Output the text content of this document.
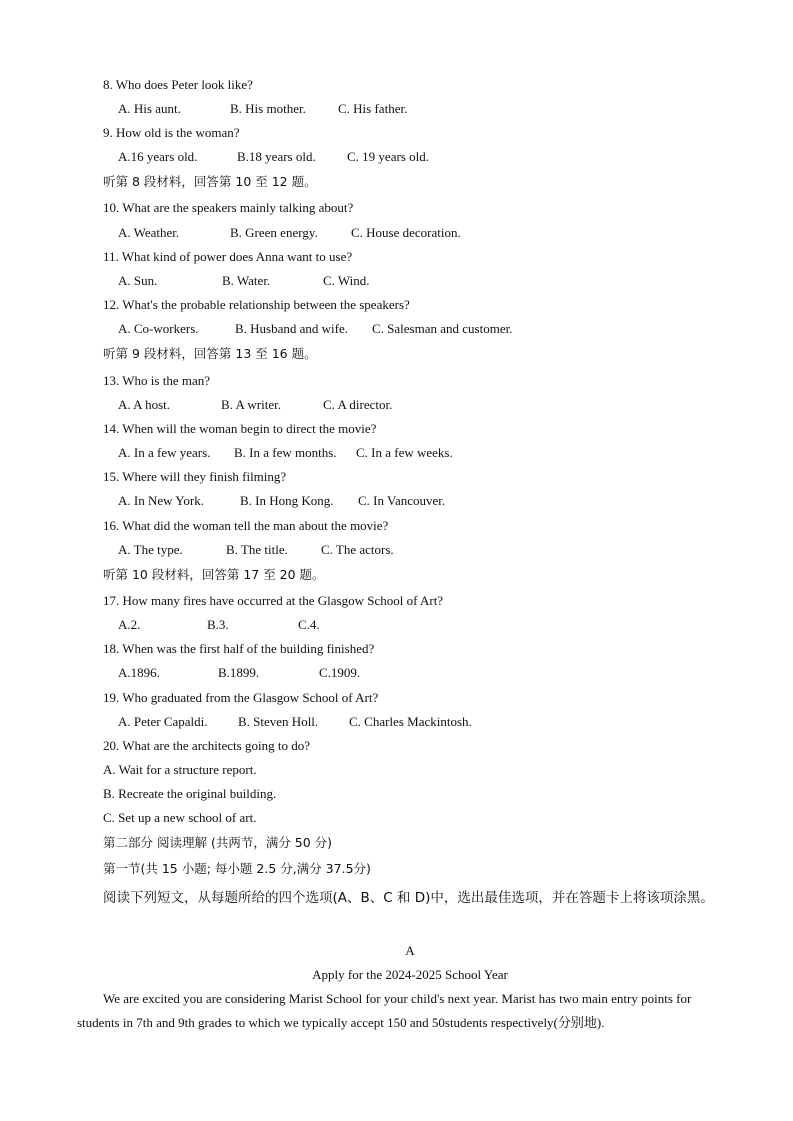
8. Who does Peter look like?
A. His aunt.	B. His mother. C. His father.
9. How old is the woman?
A.16 years old.	B.18 years old. C. 19 years old.
听第 8 段材料，回答第 10 至 12 题。
10. What are the speakers mainly talking about?
A. Weather.	B. Green energy.	C. House decoration.
11. What kind of power does Anna want to use?
A. Sun.	B. Water.	C. Wind.
12. What's the probable relationship between the speakers?
A. Co-workers.	B. Husband and wife. C. Salesman and customer.
听第 9 段材料，回答第 13 至 16 题。
13. Who is the man?
A. A host.	B. A writer.	C. A director.
14. When will the woman begin to direct the movie?
A. In a few years. B. In a few months. C. In a few weeks.
15. Where will they finish filming?
A. In New York.	B. In Hong Kong. C. In Vancouver.
16. What did the woman tell the man about the movie?
A. The type.	B. The title.	C. The actors.
听第 10 段材料，回答第 17 至 20 题。
17. How many fires have occurred at the Glasgow School of Art?
A.2.	B.3.	C.4.
18. When was the first half of the building finished?
A.1896.	B.1899.	C.1909.
19. Who graduated from the Glasgow School of Art?
A. Peter Capaldi. B. Steven Holl. C. Charles Mackintosh.
20. What are the architects going to do?
A. Wait for a structure report.
B. Recreate the original building.
C. Set up a new school of art.
第二部分 阅读理解 (共两节，满分 50 分)
第一节(共 15 小题; 每小题 2.5 分,满分 37.5分)
阅读下列短文，从每题所给的四个选项(A、B、C 和 D)中，选出最佳选项，并在答题卡上将该项涂黑。
A
Apply for the 2024-2025 School Year
We are excited you are considering Marist School for your child's next year. Marist has two main entry points for students in 7th and 9th grades to which we typically accept 150 and 50students respectively(分别地).
